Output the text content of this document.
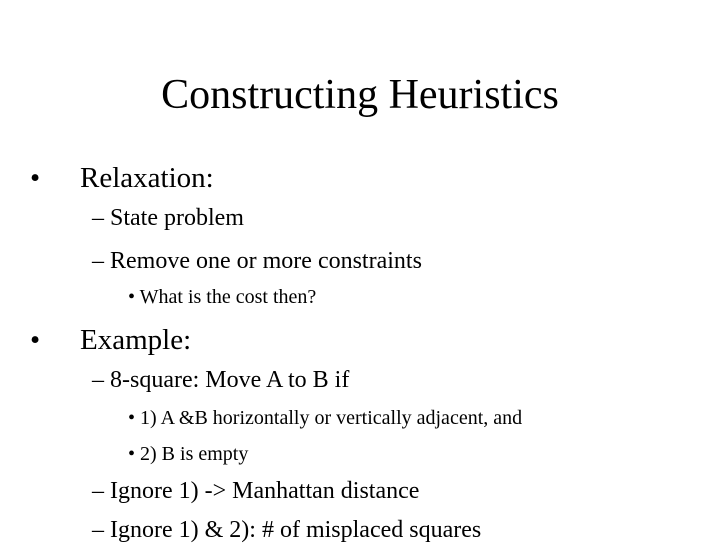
Constructing Heuristics
• Relaxation:
– State problem
– Remove one or more constraints
• What is the cost then?
• Example:
– 8-square: Move A to B if
• 1) A &B horizontally or vertically adjacent, and
• 2) B is empty
– Ignore 1) -> Manhattan distance
– Ignore 1) & 2): # of misplaced squares
